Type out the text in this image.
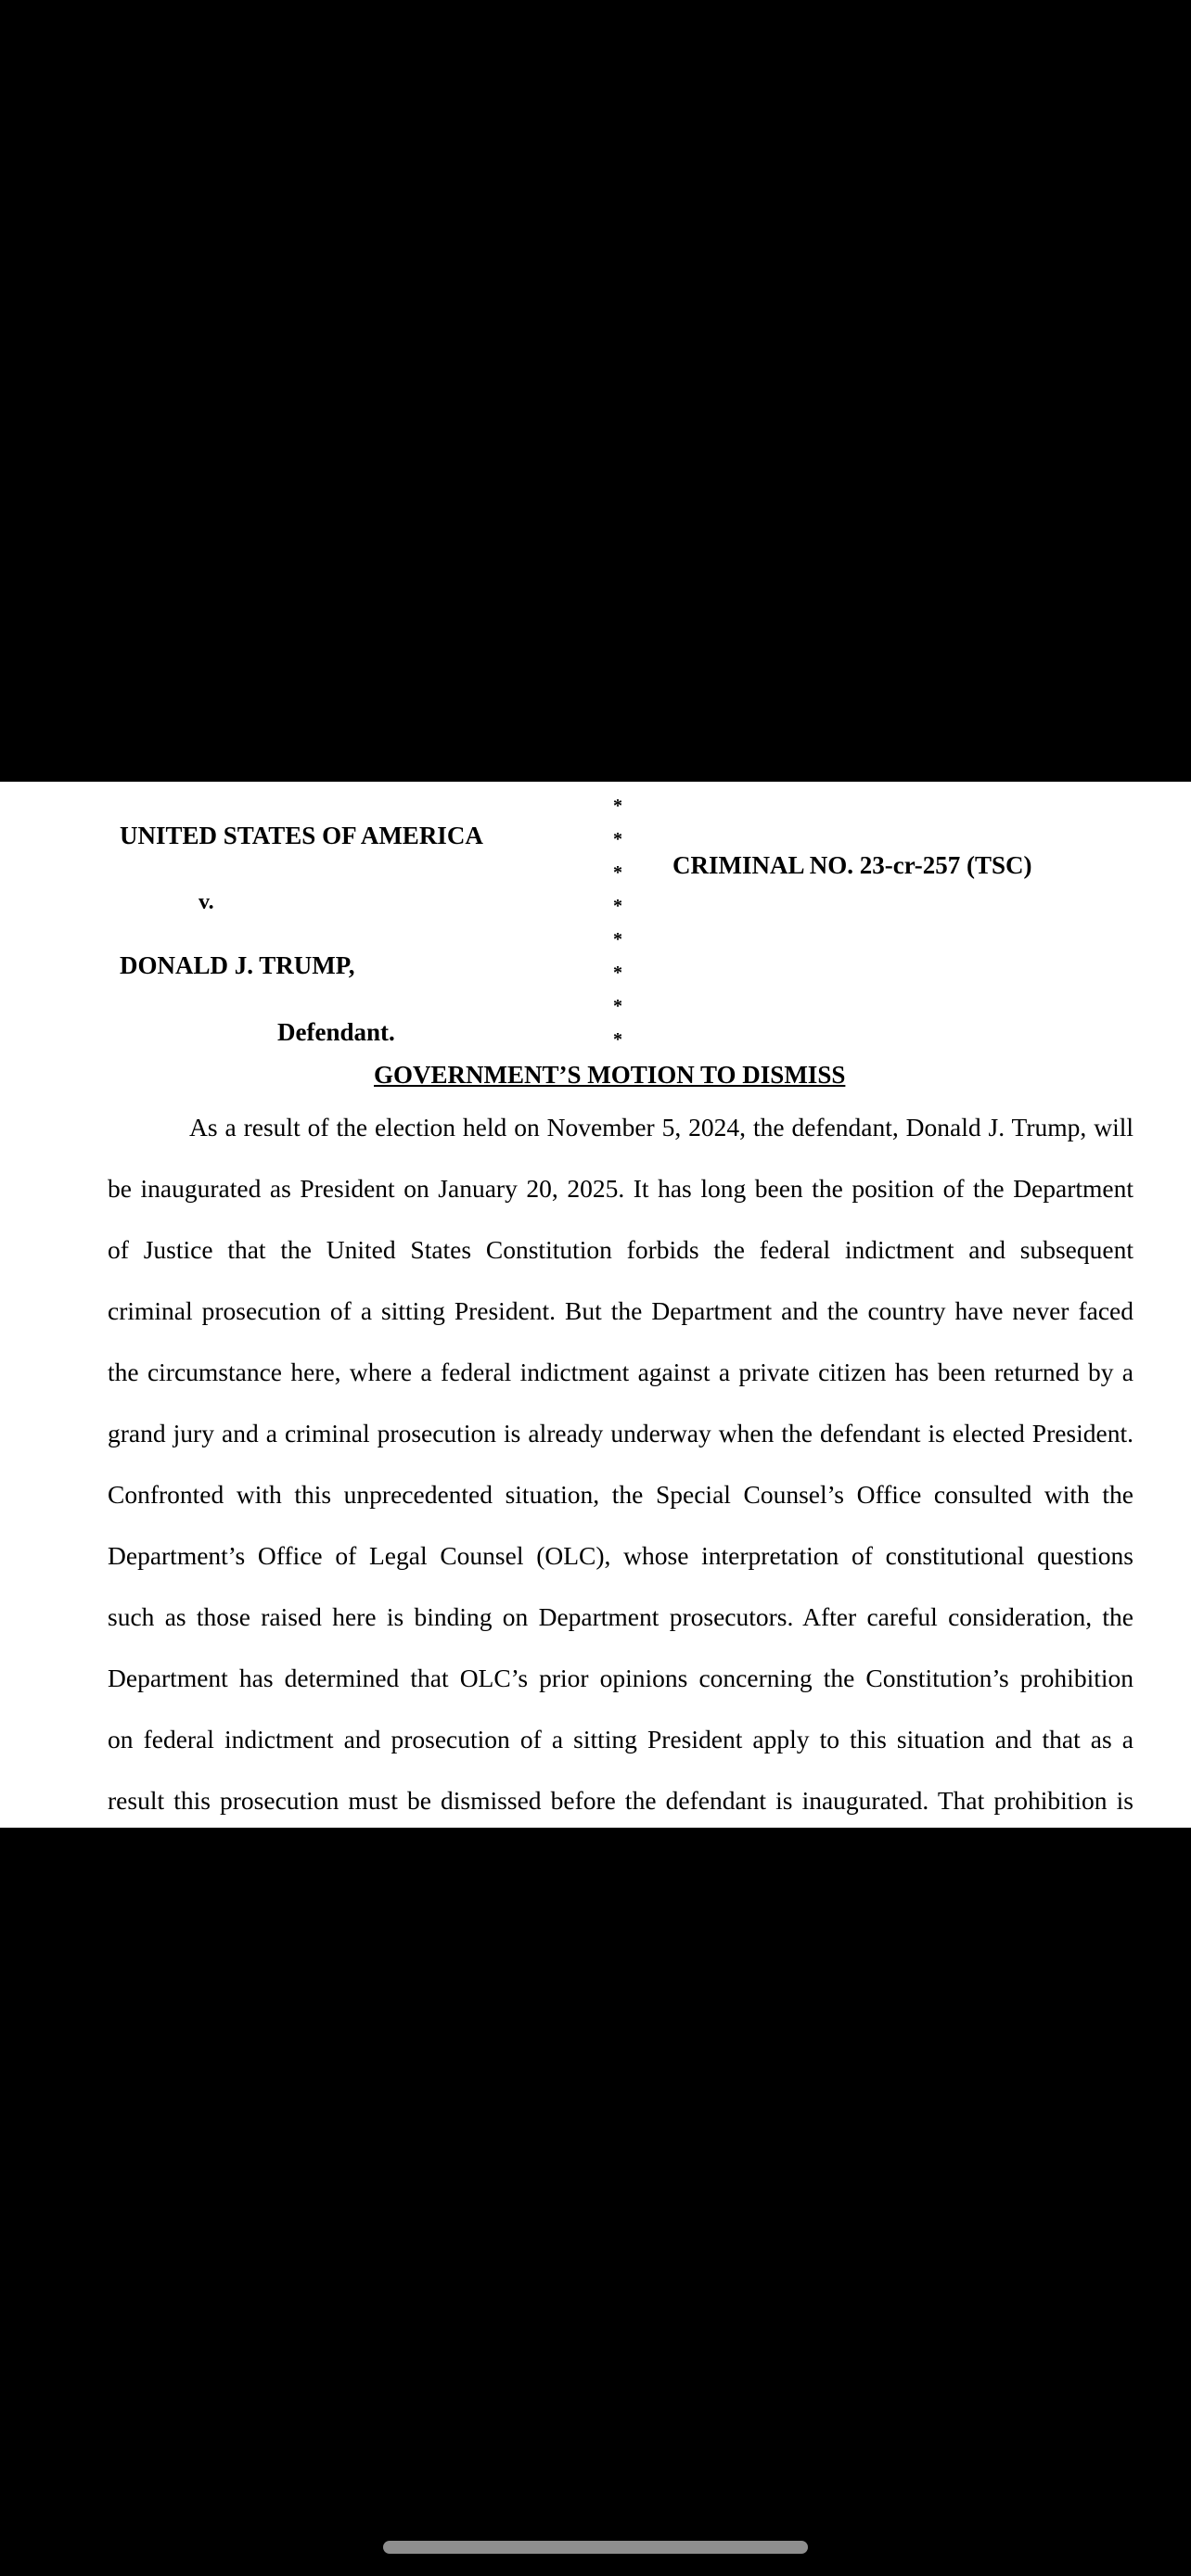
UNITED STATES OF AMERICA
v.
DONALD J. TRUMP,
Defendant.
*
*
*
*
*
*
*
*
CRIMINAL NO. 23-cr-257 (TSC)
GOVERNMENT’S MOTION TO DISMISS
As a result of the election held on November 5, 2024, the defendant, Donald J. Trump, will
be inaugurated as President on January 20, 2025. It has long been the position of the Department
of Justice that the United States Constitution forbids the federal indictment and subsequent
criminal prosecution of a sitting President. But the Department and the country have never faced
the circumstance here, where a federal indictment against a private citizen has been returned by a
grand jury and a criminal prosecution is already underway when the defendant is elected President.
Confronted with this unprecedented situation, the Special Counsel’s Office consulted with the
Department’s Office of Legal Counsel (OLC), whose interpretation of constitutional questions
such as those raised here is binding on Department prosecutors. After careful consideration, the
Department has determined that OLC’s prior opinions concerning the Constitution’s prohibition
on federal indictment and prosecution of a sitting President apply to this situation and that as a
result this prosecution must be dismissed before the defendant is inaugurated. That prohibition is
